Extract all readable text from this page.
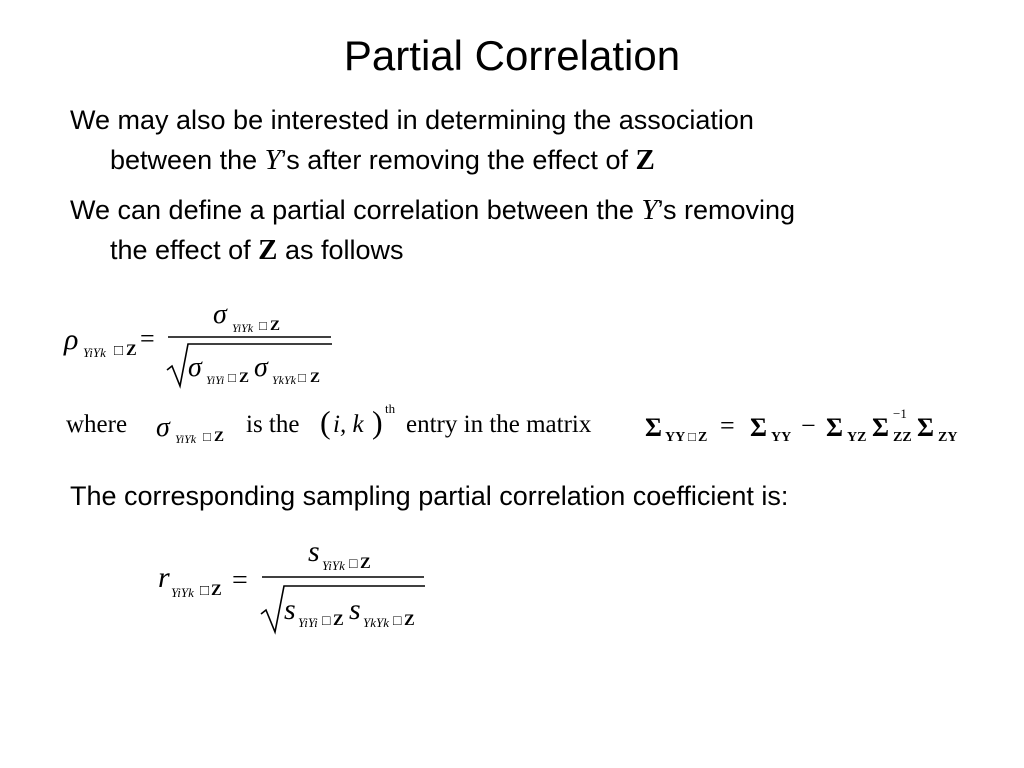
Partial Correlation

We may also be interested in determining the association
between the Y’s after removing the effect of Z

We can define a partial correlation between the Y’s removing
the effect of Z as follows

ρ YiYk □ Z =
σ YiYk □ Z
σ YiYi □ Z σ YkYk □ Z
where σ YiYk □ Z is the ( i, k ) th
entry in the matrix Σ YY □ Z = Σ YY − Σ YZ Σ −1
ZZ Σ ZY
r YiYk □ Z =
s YiYk □ Z
s YiYi □ Z s YkYk □ Z

The corresponding sampling partial correlation coefficient is:
